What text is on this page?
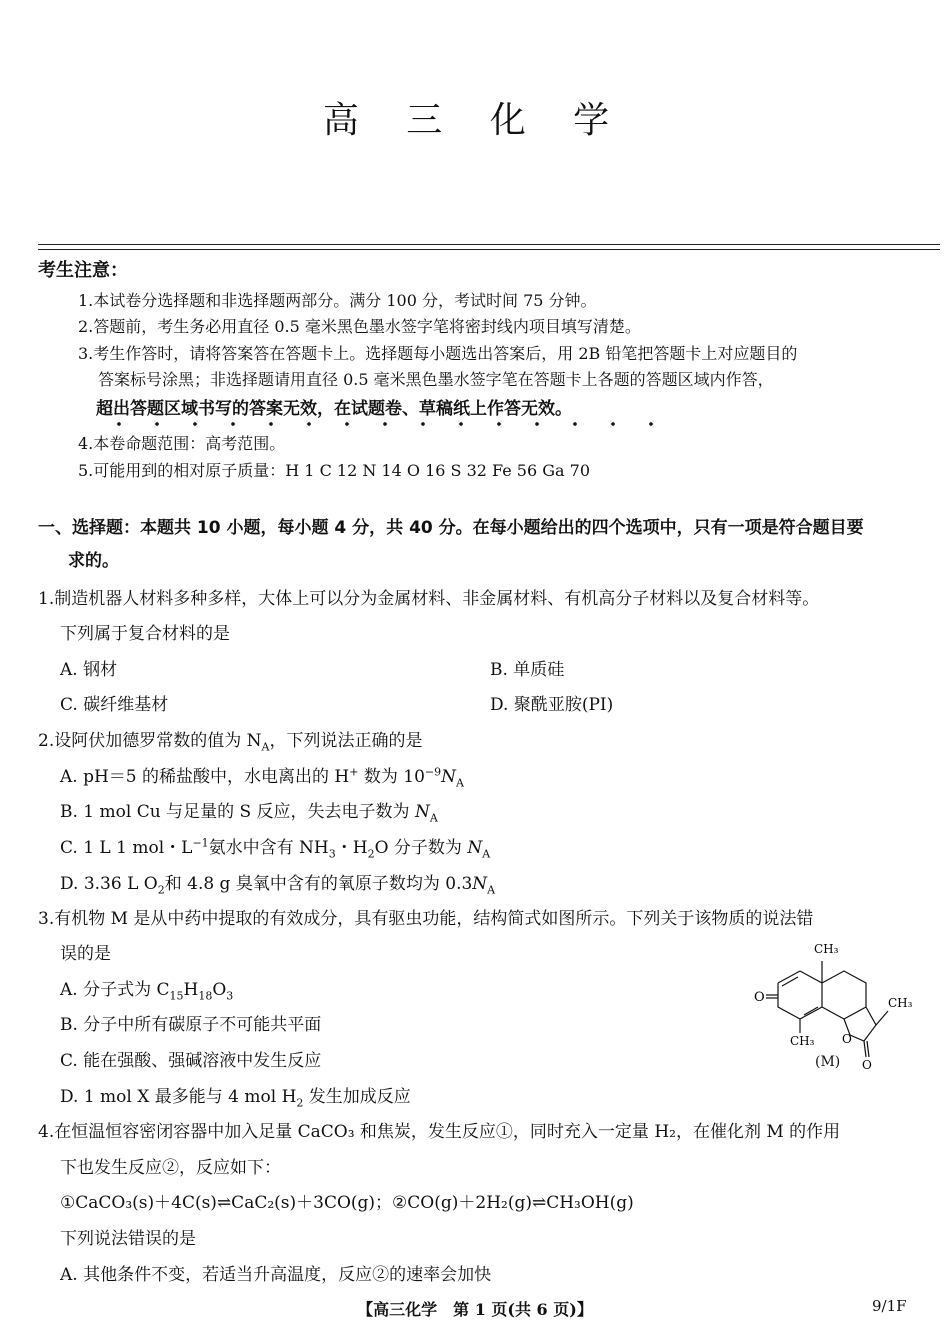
高 三 化 学
考生注意：
1.本试卷分选择题和非选择题两部分。满分 100 分，考试时间 75 分钟。
2.答题前，考生务必用直径 0.5 毫米黑色墨水签字笔将密封线内项目填写清楚。
3.考生作答时，请将答案答在答题卡上。选择题每小题选出答案后，用 2B 铅笔把答题卡上对应题目的
答案标号涂黑；非选择题请用直径 0.5 毫米黑色墨水签字笔在答题卡上各题的答题区域内作答，
超出答题区域书写的答案无效，在试题卷、草稿纸上作答无效。
4.本卷命题范围：高考范围。
5.可能用到的相对原子质量：H 1 C 12 N 14 O 16 S 32 Fe 56 Ga 70
一、选择题：本题共 10 小题，每小题 4 分，共 40 分。在每小题给出的四个选项中，只有一项是符合题目要
求的。
1.制造机器人材料多种多样，大体上可以分为金属材料、非金属材料、有机高分子材料以及复合材料等。
下列属于复合材料的是
A. 钢材	B. 单质硅
C. 碳纤维基材	D. 聚酰亚胺(PI)
2.设阿伏加德罗常数的值为 $N_A$，下列说法正确的是
A. pH＝5 的稀盐酸中，水电离出的 H+ 数为 $10^{-9}N_A$
B. 1 mol Cu 与足量的 S 反应，失去电子数为 $N_A$
C. 1 L 1 mol・$L^{-1}$氨水中含有 $NH_3$・$H_2O$ 分子数为 $N_A$
D. 3.36 L $O_2$和 4.8 g 臭氧中含有的氧原子数均为 $0.3N_A$
3.有机物 M 是从中药中提取的有效成分，具有驱虫功能，结构简式如图所示。下列关于该物质的说法错
误的是
A. 分子式为 $C_{15}H_{18}O_3$
B. 分子中所有碳原子不可能共平面
C. 能在强酸、强碱溶液中发生反应
D. 1 mol X 最多能与 4 mol $H_2$ 发生加成反应
CH₃
CH₃
CH₃
O
O
O
(M)
4.在恒温恒容密闭容器中加入足量 CaCO₃ 和焦炭，发生反应①，同时充入一定量 H₂，在催化剂 M 的作用
下也发生反应②，反应如下：
①CaCO₃(s)＋4C(s)⇌CaC₂(s)＋3CO(g)；②CO(g)＋2H₂(g)⇌CH₃OH(g)
下列说法错误的是
A. 其他条件不变，若适当升高温度，反应②的速率会加快
【高三化学　第 1 页(共 6 页)】	9/1F
